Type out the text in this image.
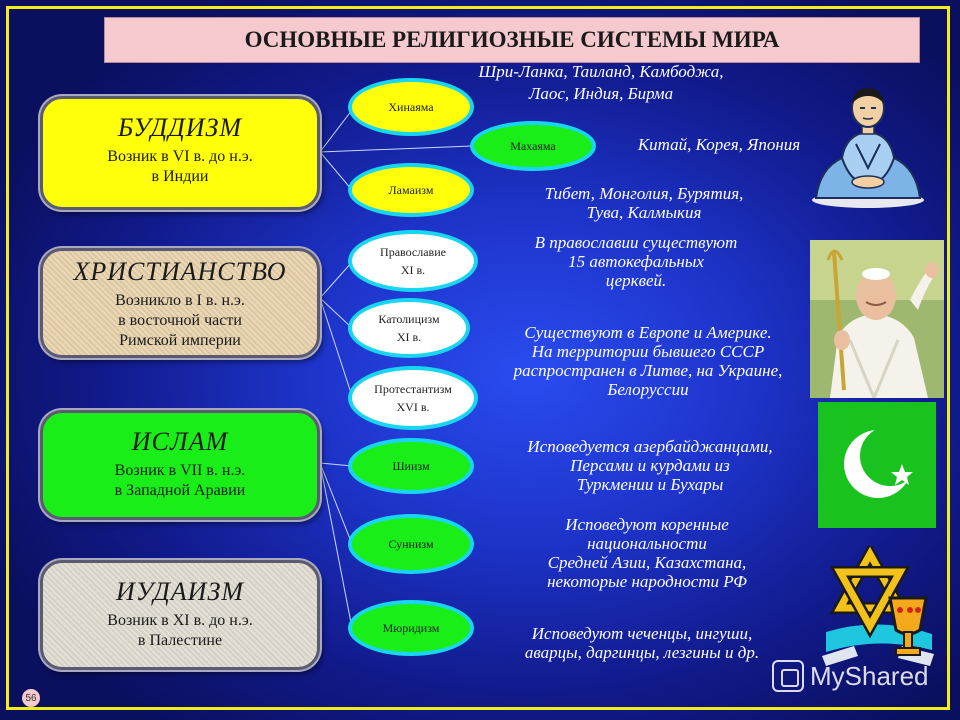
ОСНОВНЫЕ РЕЛИГИОЗНЫЕ СИСТЕМЫ МИРА
БУДДИЗМ
Возник в VI в. до н.э.
в Индии
ХРИСТИАНСТВО
Возникло в I в. н.э.
в восточной части
Римской империи
ИСЛАМ
Возник в VII в. н.э.
в Западной Аравии
ИУДАИЗМ
Возник в XI в. до н.э.
в Палестине
Хинаяма
Махаяма
Ламаизм
Православие
XI в.
Католицизм
XI в.
Протестантизм
XVI в.
Шиизм
Суннизм
Мюридизм
Шри-Ланка, Таиланд, Камбоджа,
Лаос, Индия, Бирма
Китай, Корея, Япония
Тибет, Монголия, Бурятия,
Тува, Калмыкия
В православии существуют
15 автокефальных
церквей.
Существуют в Европе и Америке.
На территории бывшего СССР
распространен в Литве, на Украине,
Белоруссии
Исповедуется азербайджанцами,
Персами и курдами из
Туркмении и Бухары
Исповедуют коренные
национальности
Средней Азии, Казахстана,
некоторые народности РФ
Исповедуют чеченцы, ингуши,
аварцы, даргинцы, лезгины и др.
MyShared
56
